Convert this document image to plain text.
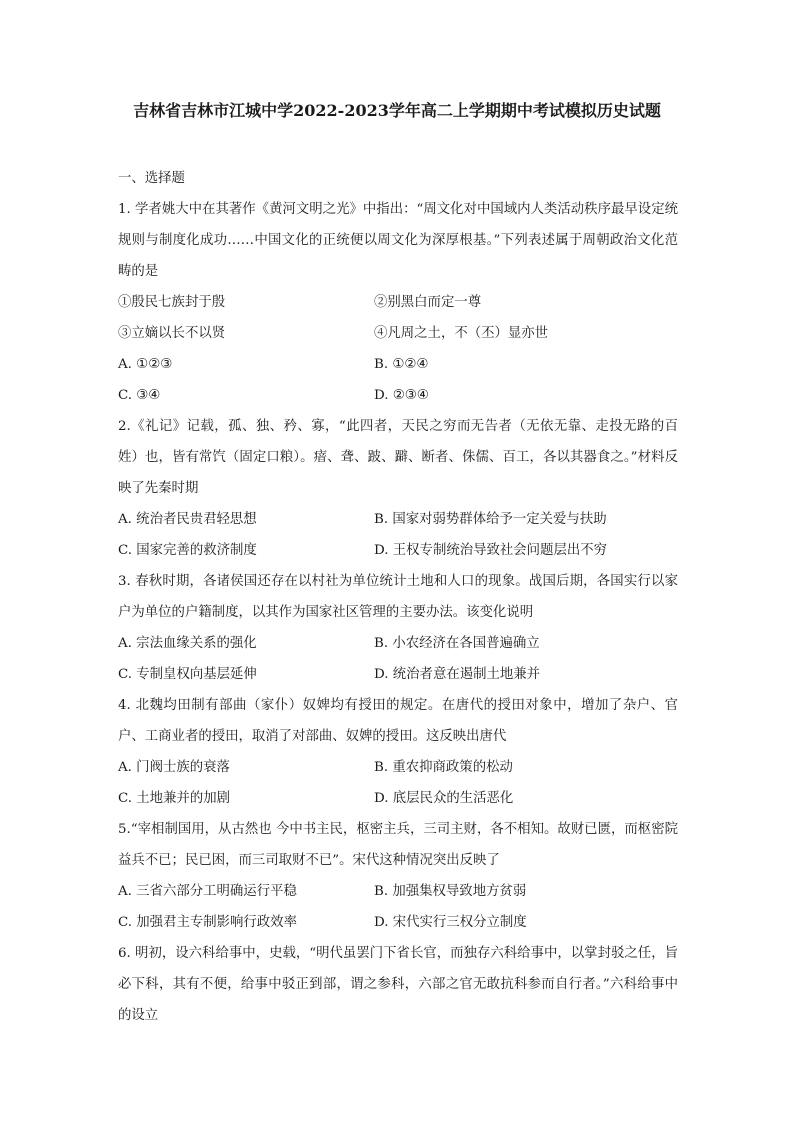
吉林省吉林市江城中学2022-2023学年高二上学期期中考试模拟历史试题
一、选择题
1. 学者姚大中在其著作《黄河文明之光》中指出：“周文化对中国域内人类活动秩序最早设定统规则与制度化成功……中国文化的正统便以周文化为深厚根基。”下列表述属于周朝政治文化范畴的是
①殷民七族封于殷	②别黑白而定一尊
③立嫡以长不以贤	④凡周之土，不（丕）显亦世
A. ①②③	B. ①②④
C. ③④	D. ②③④
2.《礼记》记载，孤、独、矜、寡，“此四者，天民之穷而无告者（无依无靠、走投无路的百姓）也，皆有常饩（固定口粮）。瘖、聋、跛、躃、断者、侏儒、百工，各以其器食之。”材料反映了先秦时期
A. 统治者民贵君轻思想	B. 国家对弱势群体给予一定关爱与扶助
C. 国家完善的救济制度	D. 王权专制统治导致社会问题层出不穷
3. 春秋时期，各诸侯国还存在以村社为单位统计土地和人口的现象。战国后期，各国实行以家户为单位的户籍制度，以其作为国家社区管理的主要办法。该变化说明
A. 宗法血缘关系的强化	B. 小农经济在各国普遍确立
C. 专制皇权向基层延伸	D. 统治者意在遏制土地兼并
4. 北魏均田制有部曲（家仆）奴婢均有授田的规定。在唐代的授田对象中，增加了杂户、官户、工商业者的授田，取消了对部曲、奴婢的授田。这反映出唐代
A. 门阀士族的衰落	B. 重农抑商政策的松动
C. 土地兼并的加剧	D. 底层民众的生活恶化
5.“宰相制国用，从古然也 今中书主民，枢密主兵，三司主财，各不相知。故财已匮，而枢密院益兵不已；民已困，而三司取财不已”。宋代这种情况突出反映了
A. 三省六部分工明确运行平稳	B. 加强集权导致地方贫弱
C. 加强君主专制影响行政效率	D. 宋代实行三权分立制度
6. 明初，设六科给事中，史载，“明代虽罢门下省长官，而独存六科给事中，以掌封驳之任，旨必下科，其有不便，给事中驳正到部，谓之参科，六部之官无敢抗科参而自行者。”六科给事中的设立
